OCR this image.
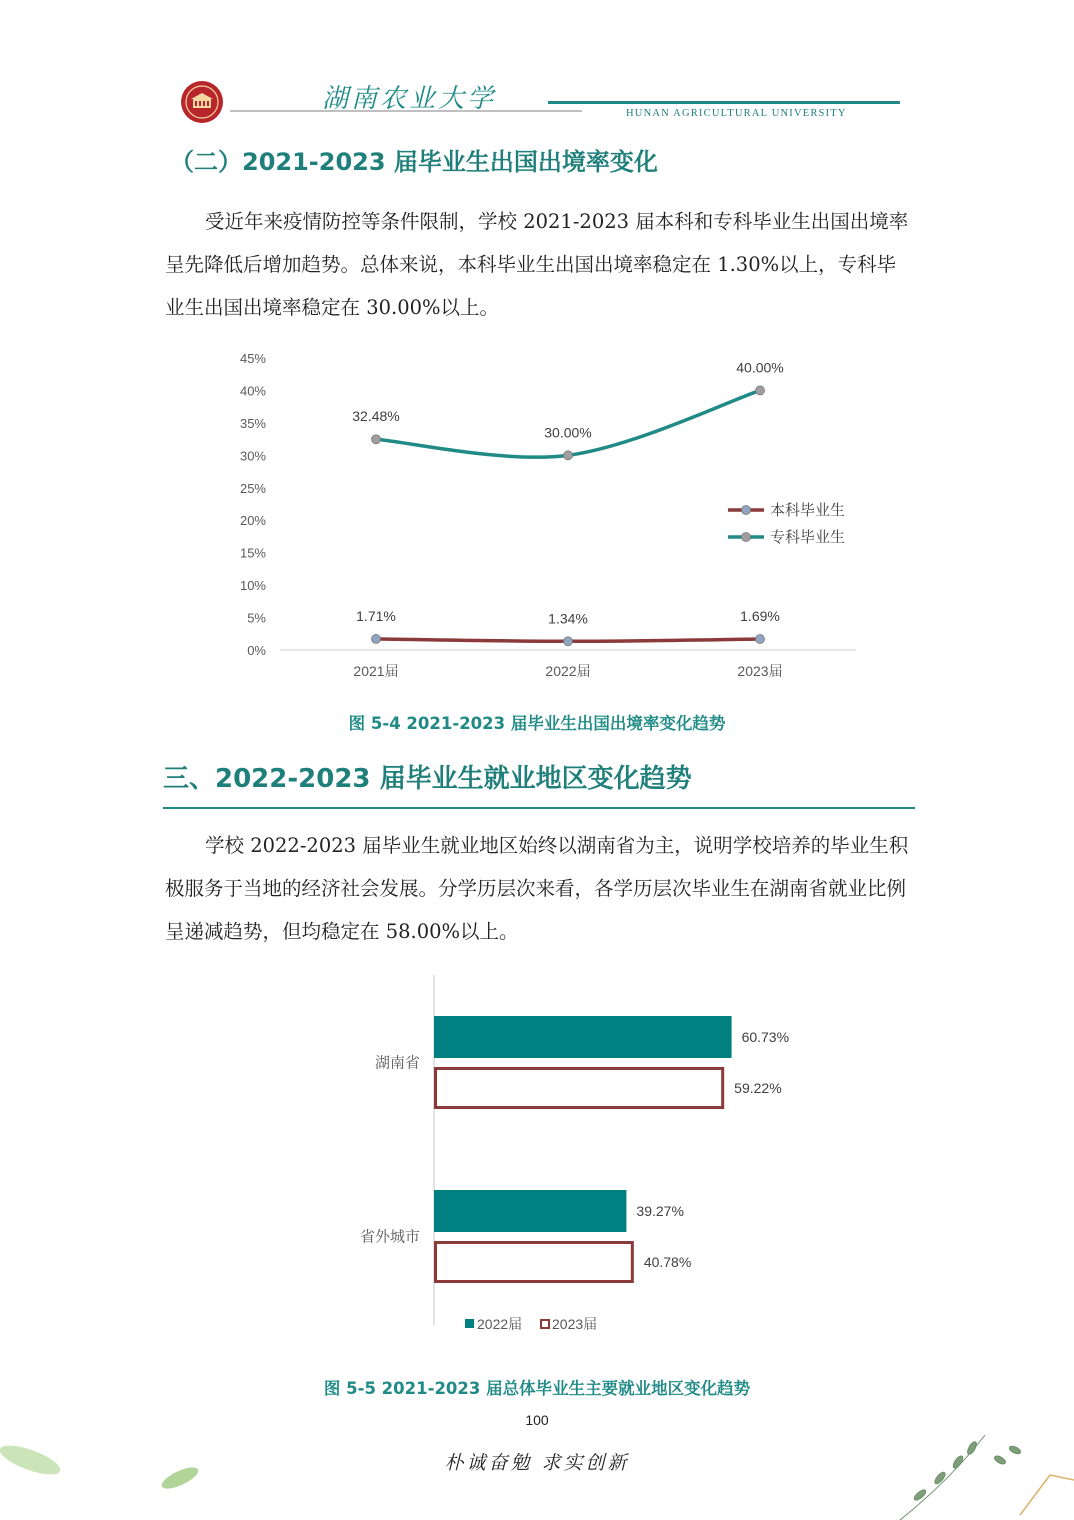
湖南农业大学	HUNAN AGRICULTURAL UNIVERSITY
（二）2021-2023 届毕业生出国出境率变化
受近年来疫情防控等条件限制，学校 2021-2023 届本科和专科毕业生出国出境率呈先降低后增加趋势。总体来说，本科毕业生出国出境率稳定在 1.30%以上，专科毕业生出国出境率稳定在 30.00%以上。
0%
5%
10%
15%
20%
25%
30%
35%
40%
45%
2021届	2022届	2023届
1.71%	1.34%	1.69%
32.48%
30.00%
40.00%
本科毕业生
专科毕业生
图 5-4 2021-2023 届毕业生出国出境率变化趋势
三、2022-2023 届毕业生就业地区变化趋势
学校 2022-2023 届毕业生就业地区始终以湖南省为主，说明学校培养的毕业生积极服务于当地的经济社会发展。分学历层次来看，各学历层次毕业生在湖南省就业比例呈递减趋势，但均稳定在 58.00%以上。
湖南省
60.73%
59.22%
省外城市
39.27%
40.78%
2022届 2023届
图 5-5 2021-2023 届总体毕业生主要就业地区变化趋势
100
朴诚奋勉 求实创新
